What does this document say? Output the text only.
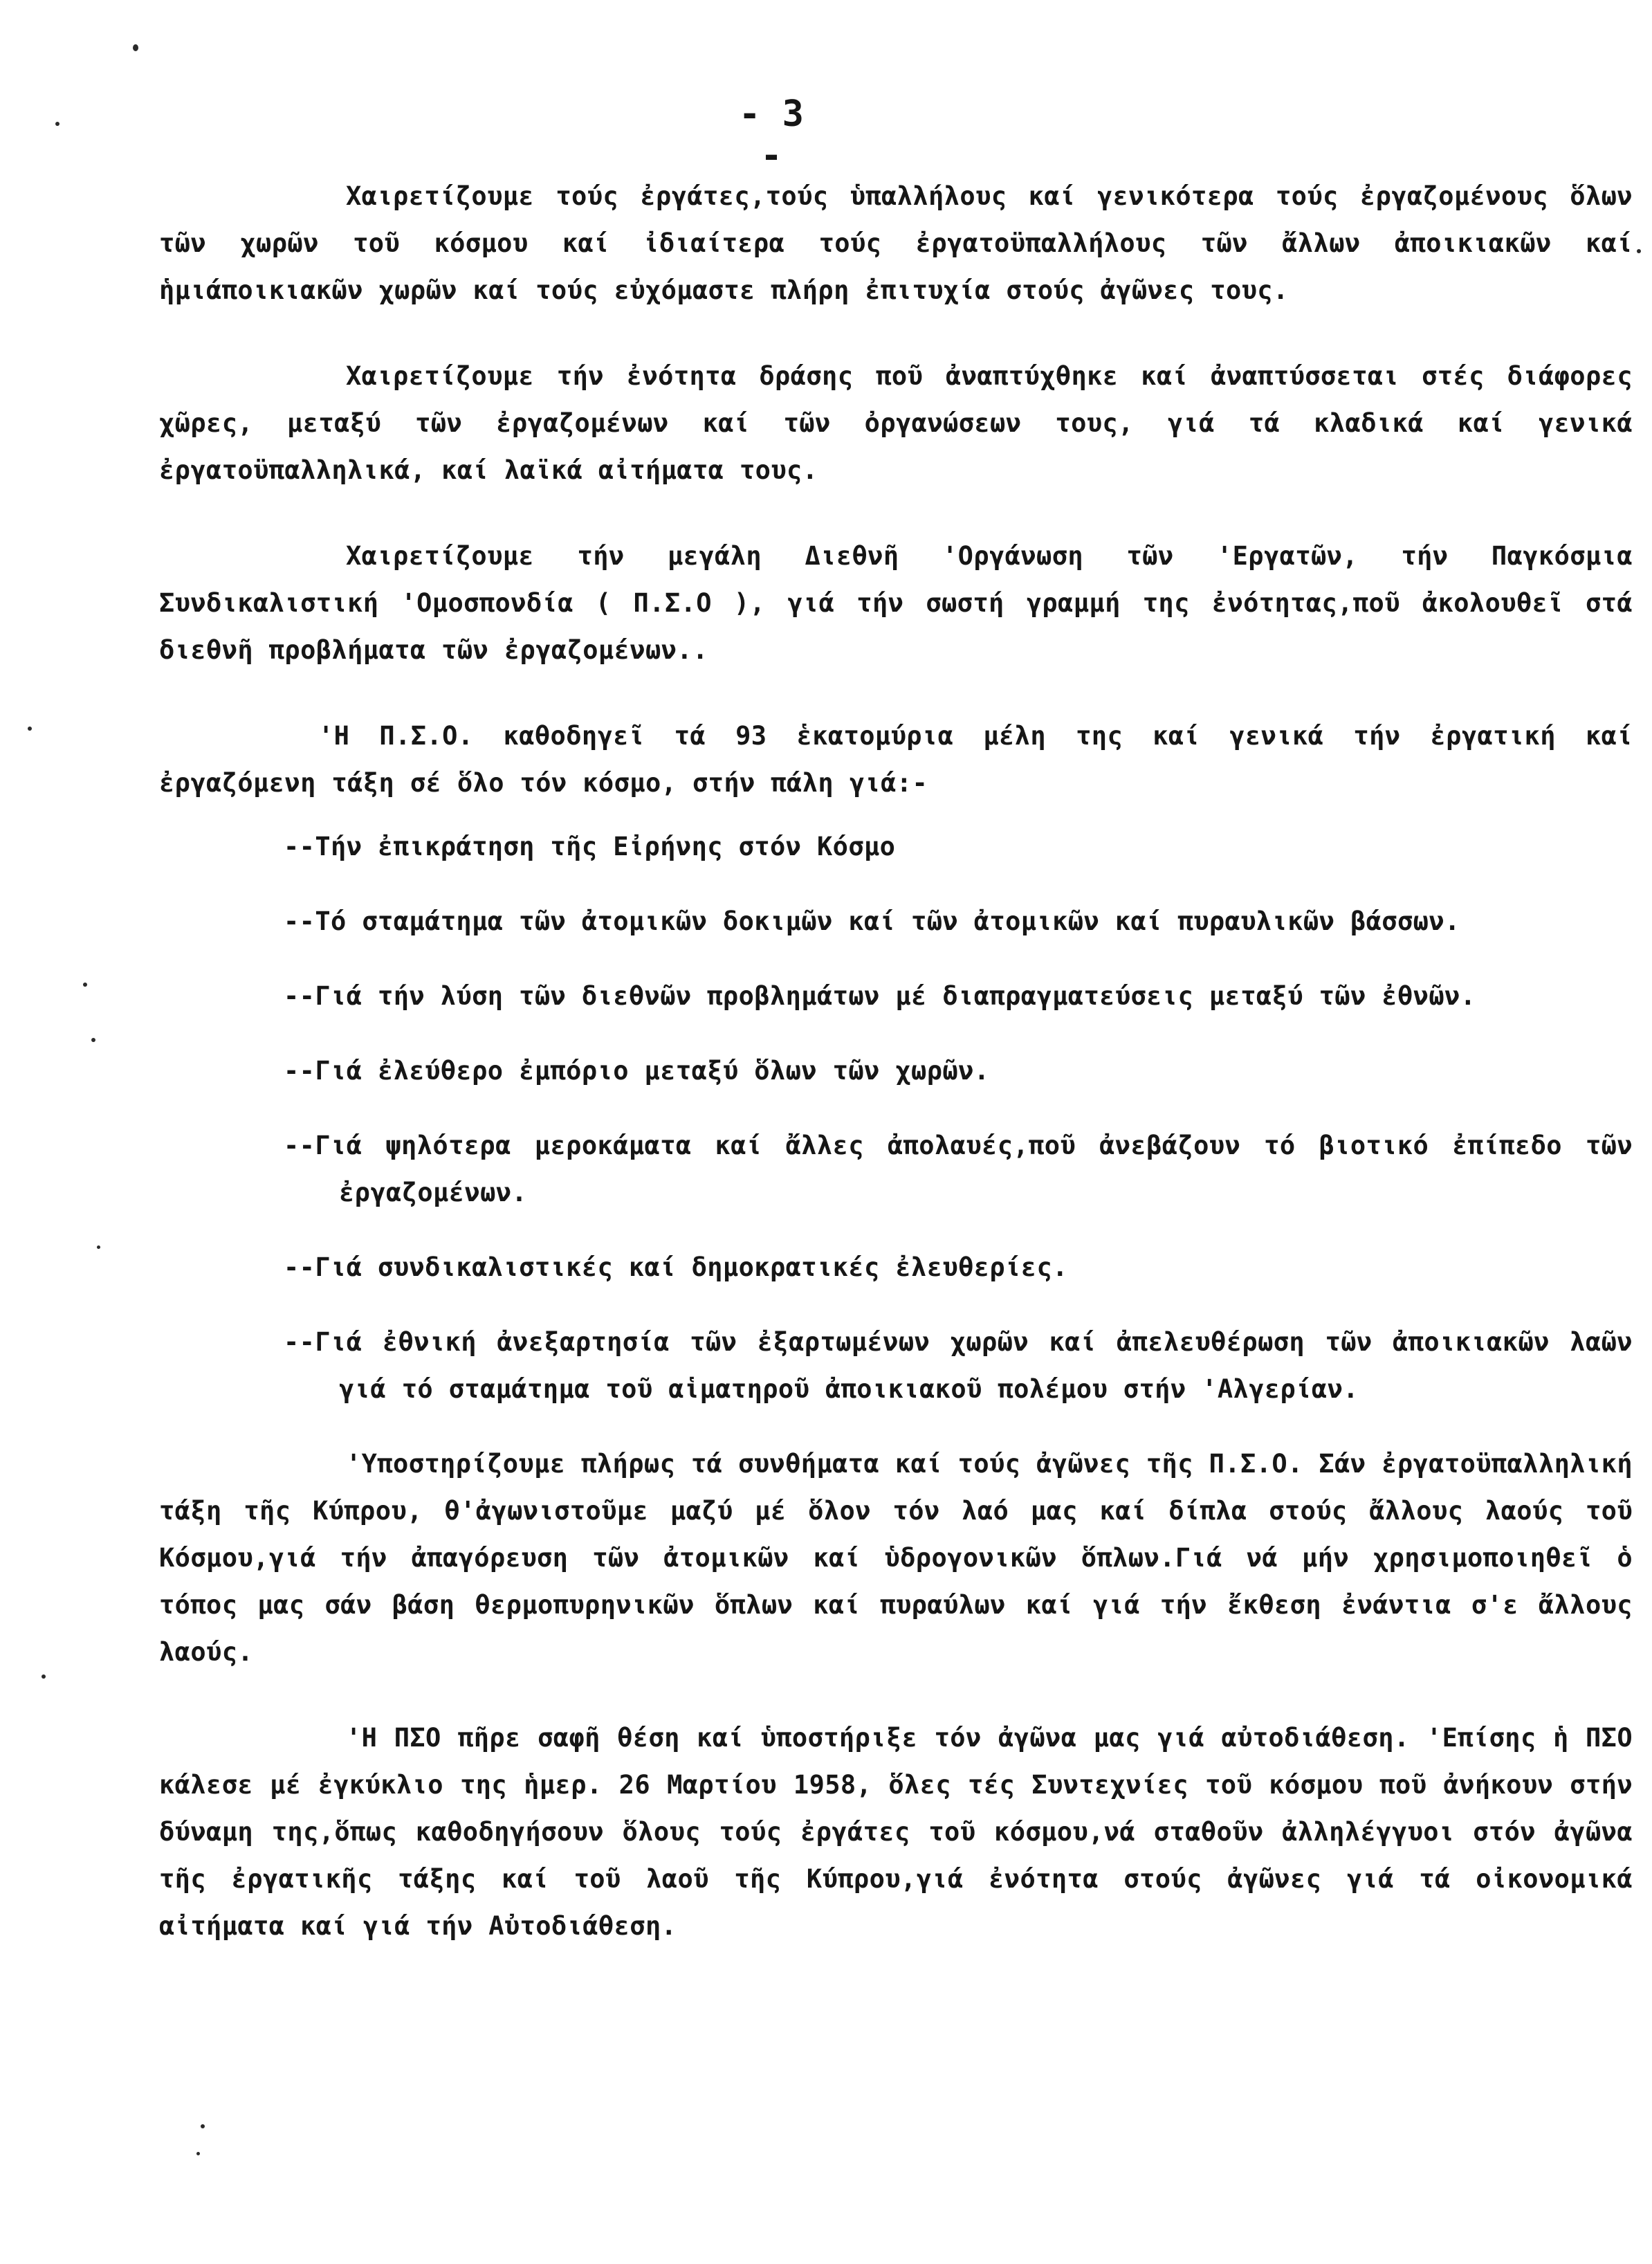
- 3 -

Χαιρετίζουμε τούς ἐργάτες,τούς ὑπαλλήλους καί γενικότερα τούς ἐργαζομένους ὅλων τῶν χωρῶν τοῦ κόσμου καί ἰδιαίτερα τούς ἐργατοϋπαλλήλους τῶν ἄλλων ἀποικιακῶν καί ἡμιάποικιακῶν χωρῶν καί τούς εὐχόμαστε πλήρη ἐπιτυχία στούς ἀγῶνες τους.

Χαιρετίζουμε τήν ἐνότητα δράσης ποῦ ἀναπτύχθηκε καί ἀναπτύσσεται στές διάφορες χῶρες, μεταξύ τῶν ἐργαζομένων καί τῶν ὀργανώσεων τους, γιά τά κλαδικά καί γενικά ἐργατοϋπαλληλικά, καί λαϊκά αἰτήματα τους.

Χαιρετίζουμε τήν μεγάλη Διεθνῆ 'Οργάνωση τῶν 'Εργατῶν, τήν Παγκόσμια Συνδικαλιστική 'Ομοσπονδία ( Π.Σ.Ο ), γιά τήν σωστή γραμμή της ἐνότητας,ποῦ ἀκολουθεῖ στά διεθνῆ προβλήματα τῶν ἐργαζομένων..

'Η Π.Σ.Ο. καθοδηγεῖ τά 93 ἑκατομύρια μέλη της καί γενικά τήν ἐργατική καί ἐργαζόμενη τάξη σέ ὅλο τόν κόσμο, στήν πάλη γιά:-

--Τήν ἐπικράτηση τῆς Εἰρήνης στόν Κόσμο
--Τό σταμάτημα τῶν ἀτομικῶν δοκιμῶν καί τῶν ἀτομικῶν καί πυραυλικῶν βάσσων.
--Γιά τήν λύση τῶν διεθνῶν προβλημάτων μέ διαπραγματεύσεις μεταξύ τῶν ἐθνῶν.
--Γιά ἐλεύθερο ἐμπόριο μεταξύ ὅλων τῶν χωρῶν.
--Γιά ψηλότερα μεροκάματα καί ἄλλες ἀπολαυές,ποῦ ἀνεβάζουν τό βιοτικό ἐπίπεδο τῶν ἐργαζομένων.
--Γιά συνδικαλιστικές καί δημοκρατικές ἐλευθερίες.
--Γιά ἐθνική ἀνεξαρτησία τῶν ἐξαρτωμένων χωρῶν καί ἀπελευθέρωση τῶν ἀποικιακῶν λαῶν γιά τό σταμάτημα τοῦ αἱματηροῦ ἀποικιακοῦ πολέμου στήν 'Αλγερίαν.

'Υποστηρίζουμε πλήρως τά συνθήματα καί τούς ἀγῶνες τῆς Π.Σ.Ο. Σάν ἐργατοϋπαλληλική τάξη τῆς Κύπρου, θ'ἀγωνιστοῦμε μαζύ μέ ὅλον τόν λαό μας καί δίπλα στούς ἄλλους λαούς τοῦ Κόσμου,γιά τήν ἀπαγόρευση τῶν ἀτομικῶν καί ὑδρογονικῶν ὅπλων.Γιά νά μήν χρησιμοποιηθεῖ ὁ τόπος μας σάν βάση θερμοπυρηνικῶν ὅπλων καί πυραύλων καί γιά τήν ἔκθεση ἐνάντια σ'ε ἄλλους λαούς.

'Η ΠΣΟ πῆρε σαφῆ θέση καί ὑποστήριξε τόν ἀγῶνα μας γιά αὐτοδιάθεση. 'Επίσης ἡ ΠΣΟ κάλεσε μέ ἐγκύκλιο της ἡμερ. 26 Μαρτίου 1958, ὅλες τές Συντεχνίες τοῦ κόσμου ποῦ ἀνήκουν στήν δύναμη της,ὅπως καθοδηγήσουν ὅλους τούς ἐργάτες τοῦ κόσμου,νά σταθοῦν ἀλληλέγγυοι στόν ἀγῶνα τῆς ἐργατικῆς τάξης καί τοῦ λαοῦ τῆς Κύπρου,γιά ἐνότητα στούς ἀγῶνες γιά τά οἰκονομικά αἰτήματα καί γιά τήν Αὐτοδιάθεση.
